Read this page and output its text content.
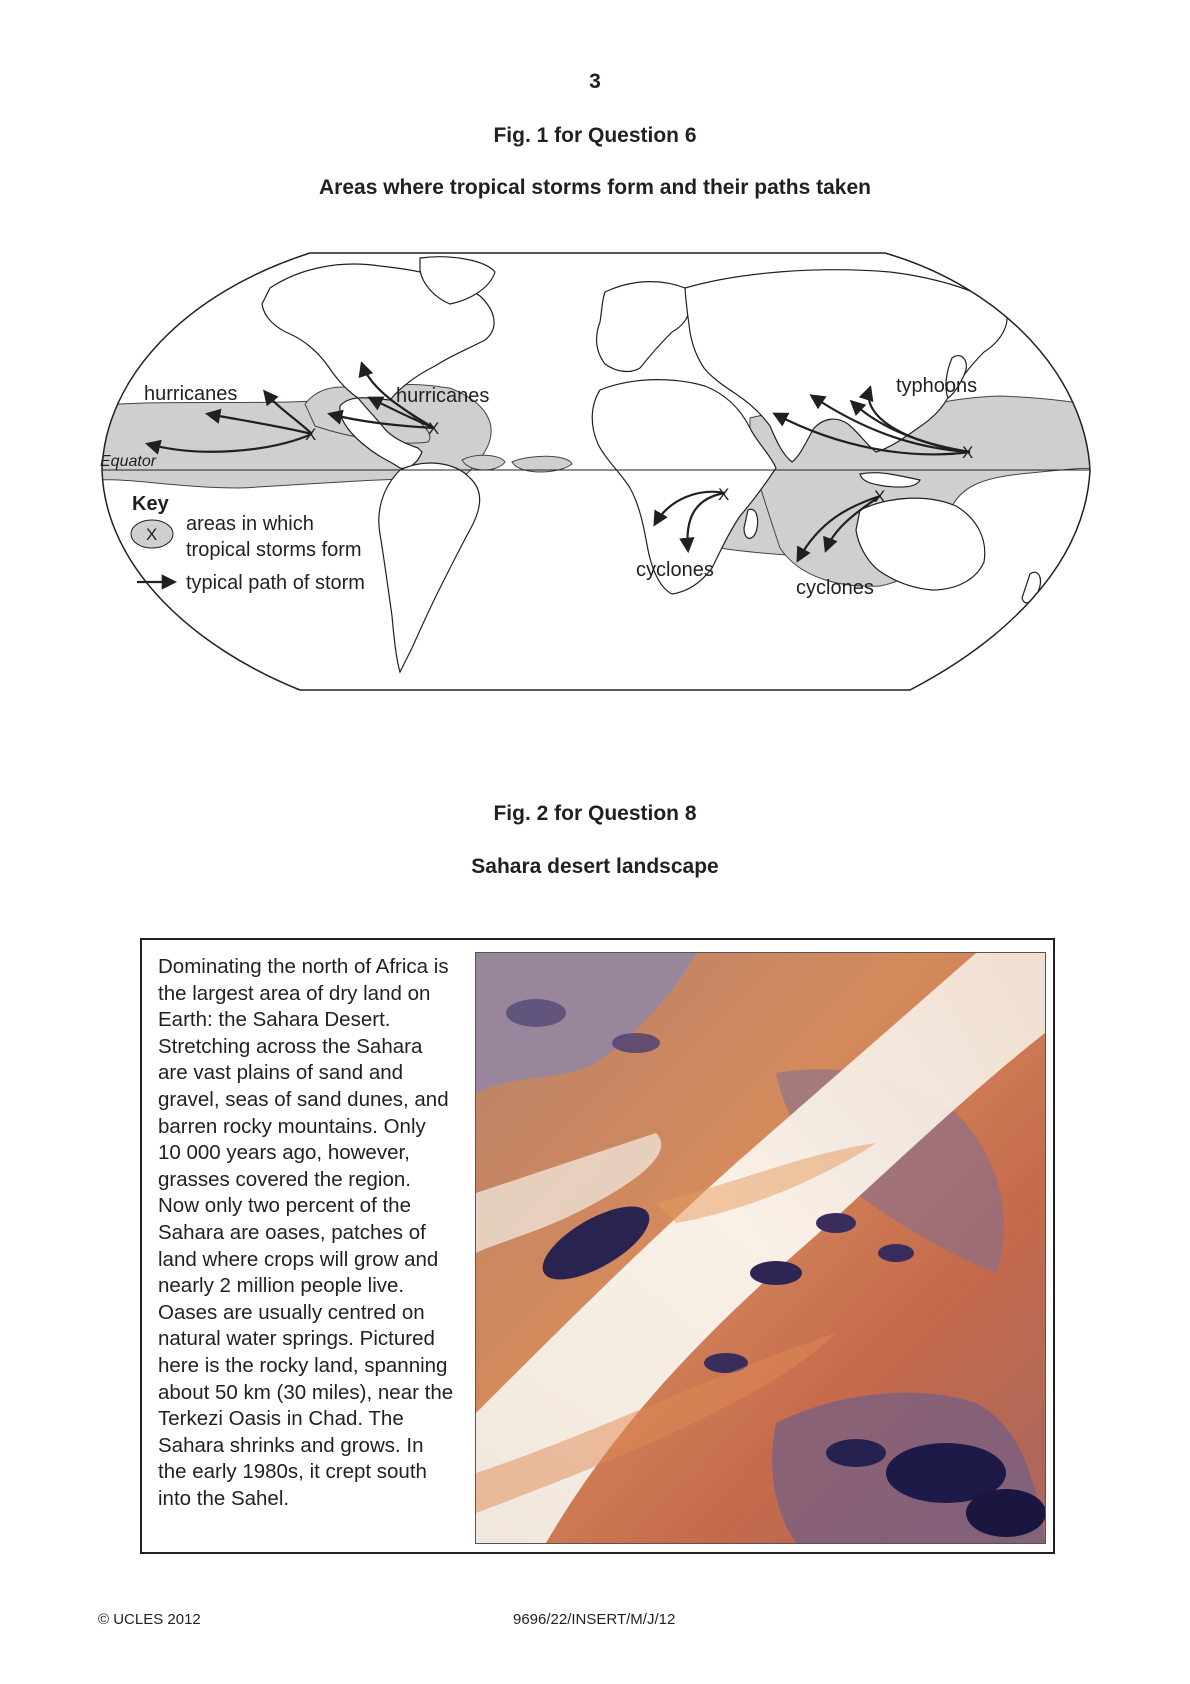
3
Fig. 1 for Question 6
Areas where tropical storms form and their paths taken
X	X
X
X	X
hurricanes	hurricanes	typhoons
cyclones
cyclones
Equator
Key
X areas in which
tropical storms form
typical path of storm
Fig. 2 for Question 8
Sahara desert landscape
Dominating the north of Africa is the largest area of dry land on Earth: the Sahara Desert. Stretching across the Sahara are vast plains of sand and gravel, seas of sand dunes, and barren rocky mountains. Only 10 000 years ago, however, grasses covered the region. Now only two percent of the Sahara are oases, patches of land where crops will grow and nearly 2 million people live. Oases are usually centred on natural water springs. Pictured here is the rocky land, spanning about 50 km (30 miles), near the Terkezi Oasis in Chad. The Sahara shrinks and grows. In the early 1980s, it crept south into the Sahel.
© UCLES 2012	9696/22/INSERT/M/J/12
